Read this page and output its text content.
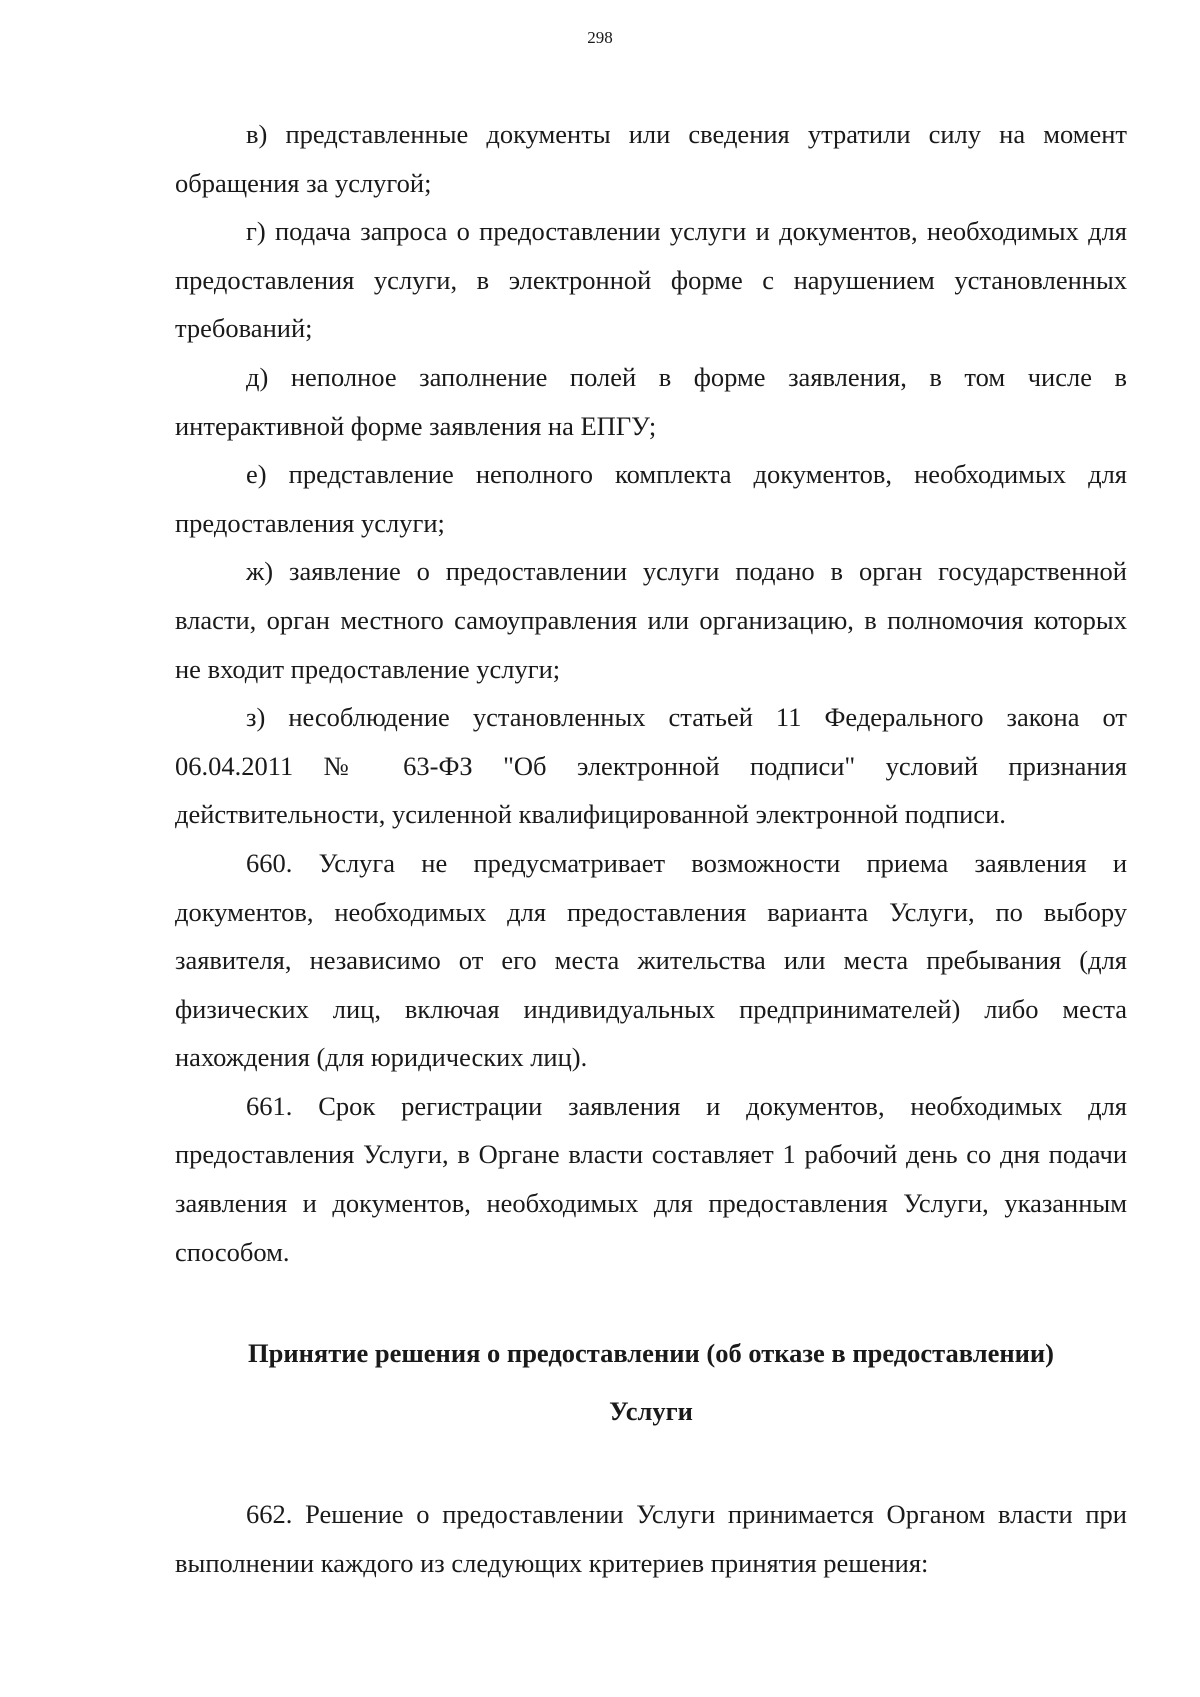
298

в) представленные документы или сведения утратили силу на момент обращения за услугой;

г) подача запроса о предоставлении услуги и документов, необходимых для предоставления услуги, в электронной форме с нарушением установленных требований;

д) неполное заполнение полей в форме заявления, в том числе в интерактивной форме заявления на ЕПГУ;

е) представление неполного комплекта документов, необходимых для предоставления услуги;

ж) заявление о предоставлении услуги подано в орган государственной власти, орган местного самоуправления или организацию, в полномочия которых не входит предоставление услуги;

з) несоблюдение установленных статьей 11 Федерального закона от 06.04.2011 № 63-ФЗ "Об электронной подписи" условий признания действительности, усиленной квалифицированной электронной подписи.

660. Услуга не предусматривает возможности приема заявления и документов, необходимых для предоставления варианта Услуги, по выбору заявителя, независимо от его места жительства или места пребывания (для физических лиц, включая индивидуальных предпринимателей) либо места нахождения (для юридических лиц).

661. Срок регистрации заявления и документов, необходимых для предоставления Услуги, в Органе власти составляет 1 рабочий день со дня подачи заявления и документов, необходимых для предоставления Услуги, указанным способом.

Принятие решения о предоставлении (об отказе в предоставлении)

Услуги

662. Решение о предоставлении Услуги принимается Органом власти при выполнении каждого из следующих критериев принятия решения:
